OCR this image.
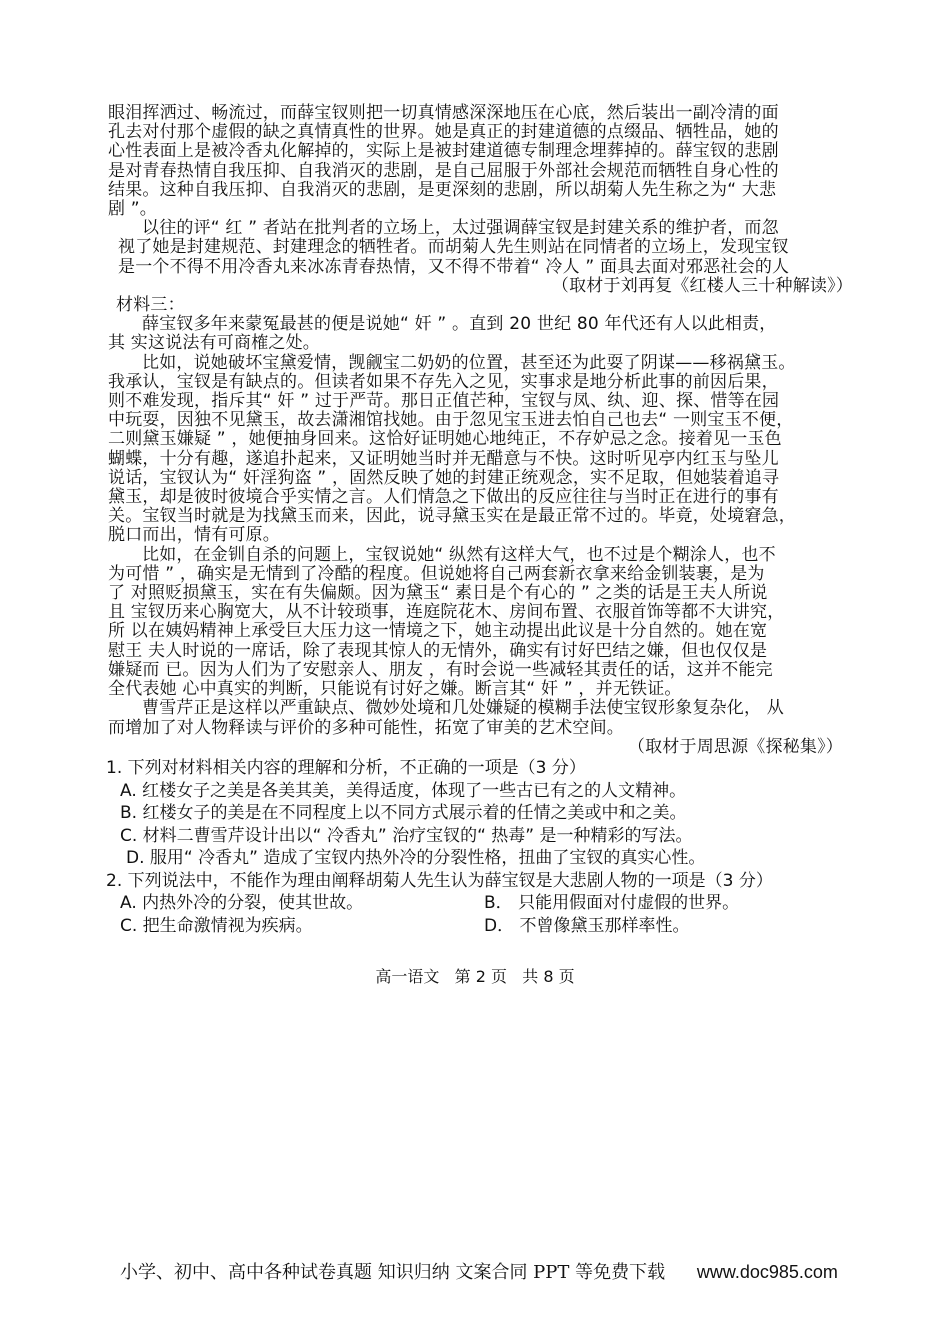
眼泪挥洒过、畅流过，而薛宝钗则把一切真情感深深地压在心底，然后装出一副冷清的面
孔去对付那个虚假的缺之真情真性的世界。她是真正的封建道德的点缀品、牺牲品，她的
心性表面上是被冷香丸化解掉的，实际上是被封建道德专制理念埋葬掉的。薛宝钗的悲剧
是对青春热情自我压抑、自我消灭的悲剧，是自己屈服于外部社会规范而牺牲自身心性的
结果。这种自我压抑、自我消灭的悲剧，是更深刻的悲剧，所以胡菊人先生称之为“ 大悲
剧 ”。
以往的评“ 红 ” 者站在批判者的立场上，太过强调薛宝钗是封建关系的维护者，而忽
视了她是封建规范、封建理念的牺牲者。而胡菊人先生则站在同情者的立场上，发现宝钗
是一个不得不用冷香丸来冰冻青春热情，又不得不带着“ 冷人 ” 面具去面对邪恶社会的人
（取材于刘再复《红楼人三十种解读》）
材料三：
薛宝钗多年来蒙冤最甚的便是说她“ 奸 ” 。直到 20 世纪 80 年代还有人以此相责，
其 实这说法有可商榷之处。
比如，说她破坏宝黛爱情，觊觎宝二奶奶的位置，甚至还为此耍了阴谋——移祸黛玉。
我承认，宝钗是有缺点的。但读者如果不存先入之见，实事求是地分析此事的前因后果，
则不难发现，指斥其“ 奸 ” 过于严苛。那日正值芒种，宝钗与凤、纨、迎、探、惜等在园
中玩耍，因独不见黛玉，故去潇湘馆找她。由于忽见宝玉进去怕自己也去“ 一则宝玉不便，
二则黛玉嫌疑 ” ，她便抽身回来。这恰好证明她心地纯正，不存妒忌之念。接着见一玉色
蝴蝶，十分有趣，遂追扑起来，又证明她当时并无醋意与不快。这时听见亭内红玉与坠儿
说话，宝钗认为“ 奸淫狗盗 ” ，固然反映了她的封建正统观念，实不足取，但她装着追寻
黛玉，却是彼时彼境合乎实情之言。人们情急之下做出的反应往往与当时正在进行的事有
关。宝钗当时就是为找黛玉而来，因此，说寻黛玉实在是最正常不过的。毕竟，处境窘急，
脱口而出，情有可原。
比如，在金钏自杀的问题上，宝钗说她“ 纵然有这样大气，也不过是个糊涂人，也不
为可惜 ” ，确实是无情到了冷酷的程度。但说她将自己两套新衣拿来给金钏装裹，是为
了 对照贬损黛玉，实在有失偏颇。因为黛玉“ 素日是个有心的 ” 之类的话是王夫人所说
且 宝钗历来心胸宽大，从不计较琐事，连庭院花木、房间布置、衣服首饰等都不大讲究，
所 以在姨妈精神上承受巨大压力这一情境之下，她主动提出此议是十分自然的。她在宽
慰王 夫人时说的一席话，除了表现其惊人的无情外，确实有讨好巴结之嫌，但也仅仅是
嫌疑而 已。因为人们为了安慰亲人、朋友 ，有时会说一些减轻其责任的话，这并不能完
全代表她 心中真实的判断，只能说有讨好之嫌。断言其“ 奸 ” ，并无铁证。
曹雪芹正是这样以严重缺点、微妙处境和几处嫌疑的模糊手法使宝钗形象复杂化， 从
而增加了对人物释读与评价的多种可能性，拓宽了审美的艺术空间。
（取材于周思源《探秘集》）
1. 下列对材料相关内容的理解和分析，不正确的一项是（3 分）
A. 红楼女子之美是各美其美，美得适度，体现了一些古已有之的人文精神。
B. 红楼女子的美是在不同程度上以不同方式展示着的任情之美或中和之美。
C. 材料二曹雪芹设计出以“ 冷香丸” 治疗宝钗的“ 热毒” 是一种精彩的写法。
D. 服用“ 冷香丸” 造成了宝钗内热外冷的分裂性格，扭曲了宝钗的真实心性。
2. 下列说法中，不能作为理由阐释胡菊人先生认为薛宝钗是大悲剧人物的一项是（3 分）
A. 内热外冷的分裂，使其世故。	B． 只能用假面对付虚假的世界。
C. 把生命激情视为疾病。	D． 不曾像黛玉那样率性。
高一语文   第 2 页   共 8 页
小学、初中、高中各种试卷真题 知识归纳 文案合同 PPT 等免费下载 www.doc985.com
